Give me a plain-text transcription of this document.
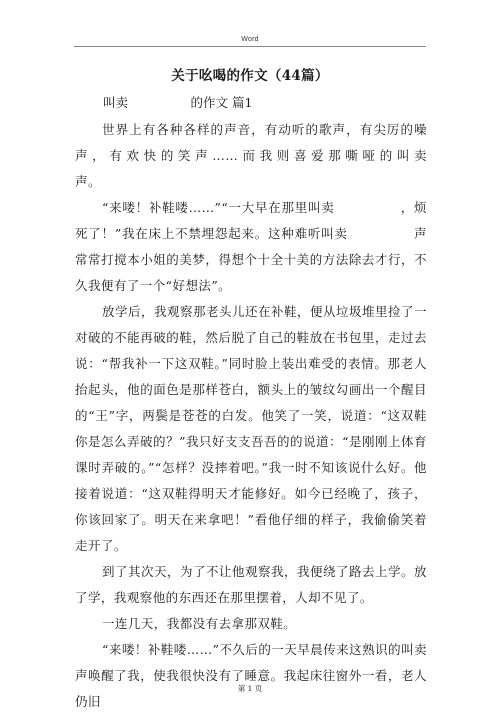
Word
关于吆喝的作文（44篇）
叫卖　　　　　的作文 篇1

世界上有各种各样的声音，有动听的歌声，有尖厉的噪声，有欢快的笑声……而我则喜爱那嘶哑的叫卖　　　　　声。

“来喽！补鞋喽……”“一大早在那里叫卖　　　　　，烦死了！”我在床上不禁埋怨起来。这种难听叫卖　　　　　声常常打搅本小姐的美梦，得想个十全十美的方法除去才行，不久我便有了一个“好想法”。

放学后，我观察那老头儿还在补鞋，便从垃圾堆里捡了一对破的不能再破的鞋，然后脱了自己的鞋放在书包里，走过去说：“帮我补一下这双鞋。”同时脸上装出难受的表情。那老人抬起头，他的面色是那样苍白，额头上的皱纹勾画出一个醒目的“王”字，两鬓是苍苍的白发。他笑了一笑，说道：“这双鞋你是怎么弄破的？”我只好支支吾吾的的说道：“是刚刚上体育课时弄破的。”“怎样？没摔着吧。”我一时不知该说什么好。他接着说道：“这双鞋得明天才能修好。如今已经晚了，孩子，你该回家了。明天在来拿吧！”看他仔细的样子，我偷偷笑着走开了。

到了其次天，为了不让他观察我，我便绕了路去上学。放了学，我观察他的东西还在那里摆着，人却不见了。

一连几天，我都没有去拿那双鞋。

“来喽！补鞋喽……”不久后的一天早晨传来这熟识的叫卖声唤醒了我，使我很快没有了睡意。我起床往窗外一看，老人仍旧

第 1 页
